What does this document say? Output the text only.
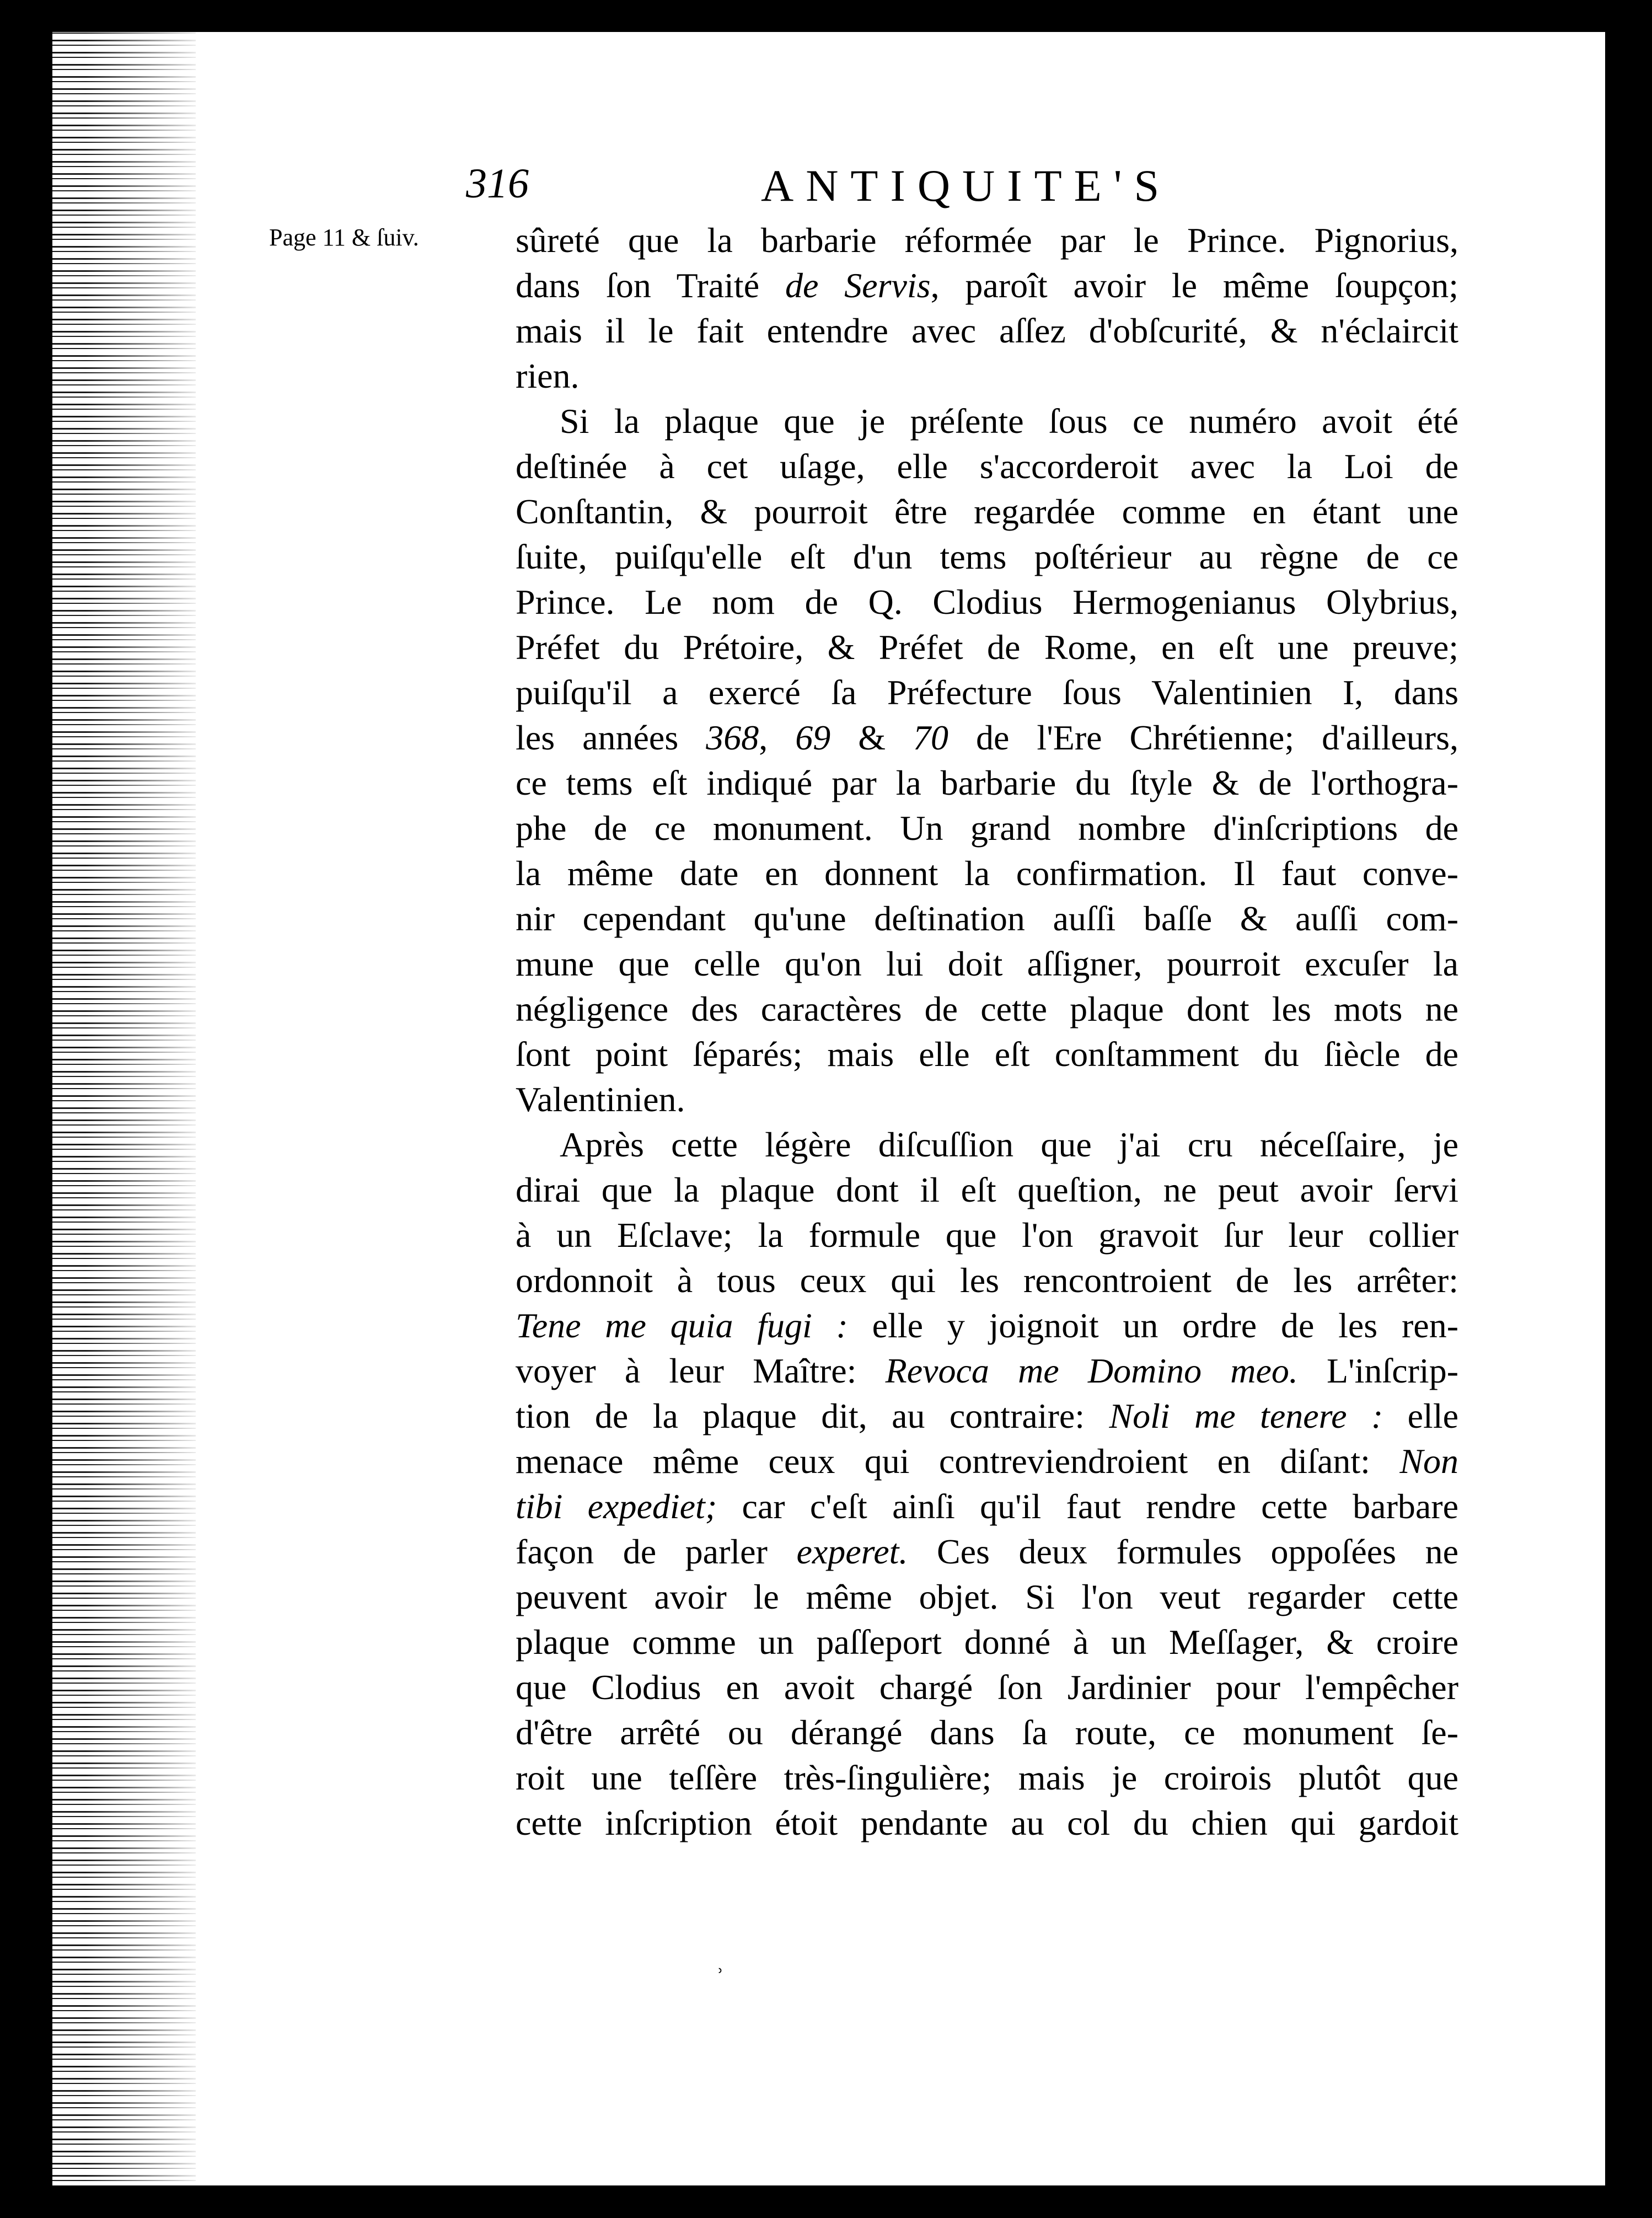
316	ANTIQUITE'S
Page 11 & ſuiv.	sûreté que la barbarie réformée par le Prince. Pignorius,
dans ſon Traité de Servis, paroît avoir le même ſoupçon;
mais il le fait entendre avec aſſez d'obſcurité, & n'éclaircit
rien.
Si la plaque que je préſente ſous ce numéro avoit été
deſtinée à cet uſage, elle s'accorderoit avec la Loi de
Conſtantin, & pourroit être regardée comme en étant une
ſuite, puiſqu'elle eſt d'un tems poſtérieur au règne de ce
Prince. Le nom de Q. Clodius Hermogenianus Olybrius,
Préfet du Prétoire, & Préfet de Rome, en eſt une preuve;
puiſqu'il a exercé ſa Préfecture ſous Valentinien I, dans
les années 368, 69 & 70 de l'Ere Chrétienne; d'ailleurs,
ce tems eſt indiqué par la barbarie du ſtyle & de l'orthogra-
phe de ce monument. Un grand nombre d'inſcriptions de
la même date en donnent la confirmation. Il faut conve-
nir cependant qu'une deſtination auſſi baſſe & auſſi com-
mune que celle qu'on lui doit aſſigner, pourroit excuſer la
négligence des caractères de cette plaque dont les mots ne
ſont point ſéparés; mais elle eſt conſtamment du ſiècle de
Valentinien.
Après cette légère diſcuſſion que j'ai cru néceſſaire, je
dirai que la plaque dont il eſt queſtion, ne peut avoir ſervi
à un Eſclave; la formule que l'on gravoit ſur leur collier
ordonnoit à tous ceux qui les rencontroient de les arrêter:
Tene me quia fugi : elle y joignoit un ordre de les ren-
voyer à leur Maître: Revoca me Domino meo. L'inſcrip-
tion de la plaque dit, au contraire: Noli me tenere : elle
menace même ceux qui contreviendroient en diſant: Non
tibi expediet; car c'eſt ainſi qu'il faut rendre cette barbare
façon de parler experet. Ces deux formules oppoſées ne
peuvent avoir le même objet. Si l'on veut regarder cette
plaque comme un paſſeport donné à un Meſſager, & croire
que Clodius en avoit chargé ſon Jardinier pour l'empêcher
d'être arrêté ou dérangé dans ſa route, ce monument ſe-
roit une teſſère très-ſingulière; mais je croirois plutôt que
cette inſcription étoit pendante au col du chien qui gardoit
ʾ
